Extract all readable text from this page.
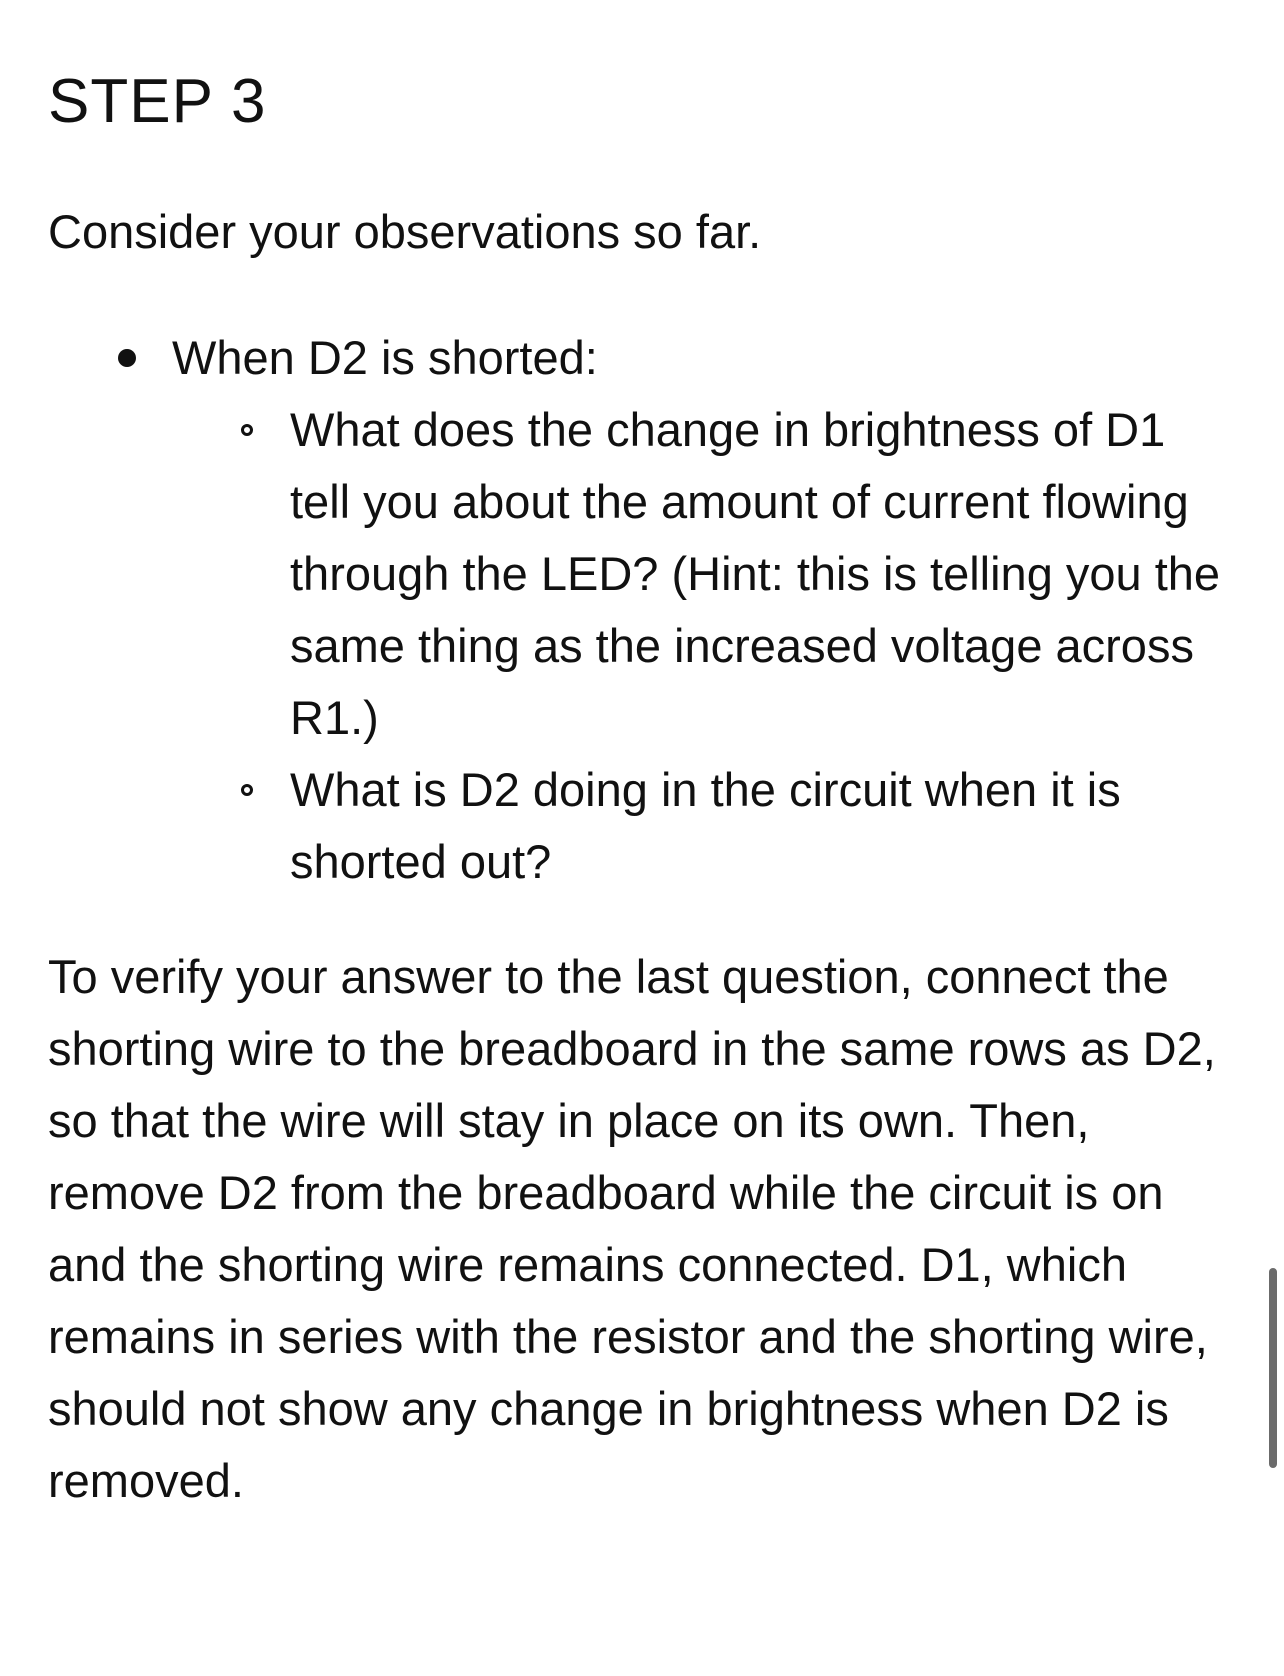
STEP 3

Consider your observations so far.

When D2 is shorted:
What does the change in brightness of D1 tell you about the amount of current flowing through the LED? (Hint: this is telling you the same thing as the increased voltage across R1.)
What is D2 doing in the circuit when it is shorted out?

To verify your answer to the last question, connect the shorting wire to the breadboard in the same rows as D2, so that the wire will stay in place on its own. Then, remove D2 from the breadboard while the circuit is on and the shorting wire remains connected. D1, which remains in series with the resistor and the shorting wire, should not show any change in brightness when D2 is removed.
